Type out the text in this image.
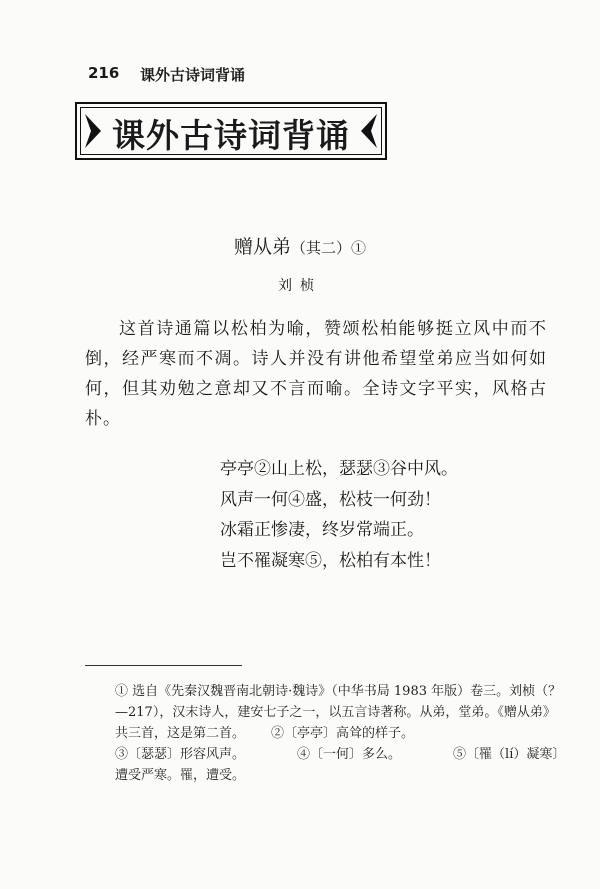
216 课外古诗词背诵
课外古诗词背诵
赠从弟（其二）①
刘桢
这首诗通篇以松柏为喻，赞颂松柏能够挺立风中而不倒，经严寒而不凋。诗人并没有讲他希望堂弟应当如何如何，但其劝勉之意却又不言而喻。全诗文字平实，风格古朴。
亭亭②山上松，瑟瑟③谷中风。
风声一何④盛，松枝一何劲！
冰霜正惨凄，终岁常端正。
岂不罹凝寒⑤，松柏有本性！
① 选自《先秦汉魏晋南北朝诗·魏诗》（中华书局 1983 年版）卷三。刘桢（？—217），汉末诗人，建安七子之一，以五言诗著称。从弟，堂弟。《赠从弟》共三首，这是第二首。 ②〔亭亭〕高耸的样子。
③〔瑟瑟〕形容风声。	④〔一何〕多么。	⑤〔罹（lí）凝寒〕遭受严寒。罹，遭受。
